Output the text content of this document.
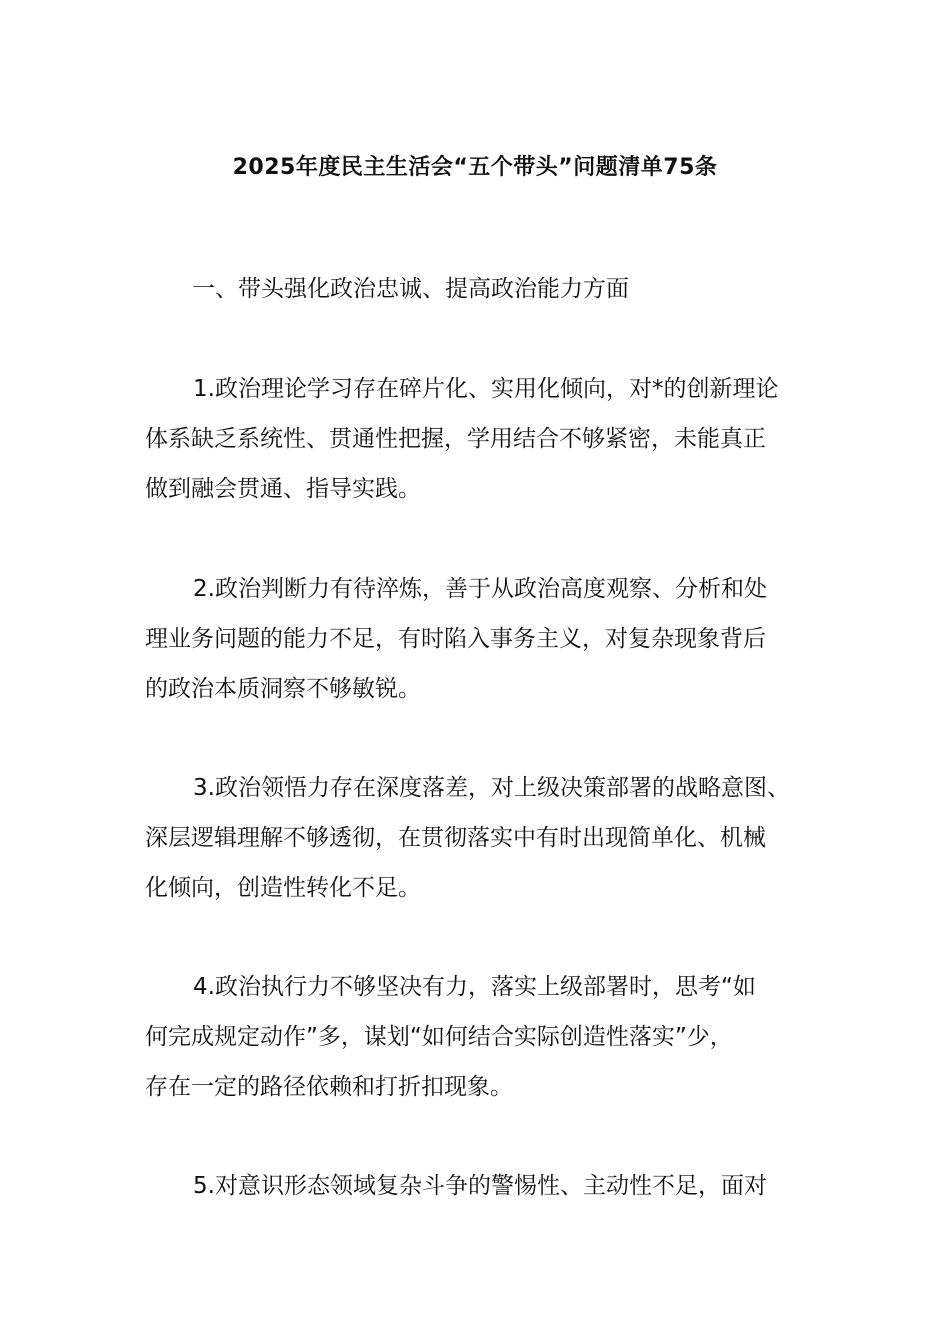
2025年度民主生活会“五个带头”问题清单75条
一、带头强化政治忠诚、提高政治能力方面
1.政治理论学习存在碎片化、实用化倾向，对*的创新理论
体系缺乏系统性、贯通性把握，学用结合不够紧密，未能真正
做到融会贯通、指导实践。
2.政治判断力有待淬炼，善于从政治高度观察、分析和处
理业务问题的能力不足，有时陷入事务主义，对复杂现象背后
的政治本质洞察不够敏锐。
3.政治领悟力存在深度落差，对上级决策部署的战略意图、
深层逻辑理解不够透彻，在贯彻落实中有时出现简单化、机械
化倾向，创造性转化不足。
4.政治执行力不够坚决有力，落实上级部署时，思考“如
何完成规定动作”多，谋划“如何结合实际创造性落实”少，
存在一定的路径依赖和打折扣现象。
5.对意识形态领域复杂斗争的警惕性、主动性不足，面对
